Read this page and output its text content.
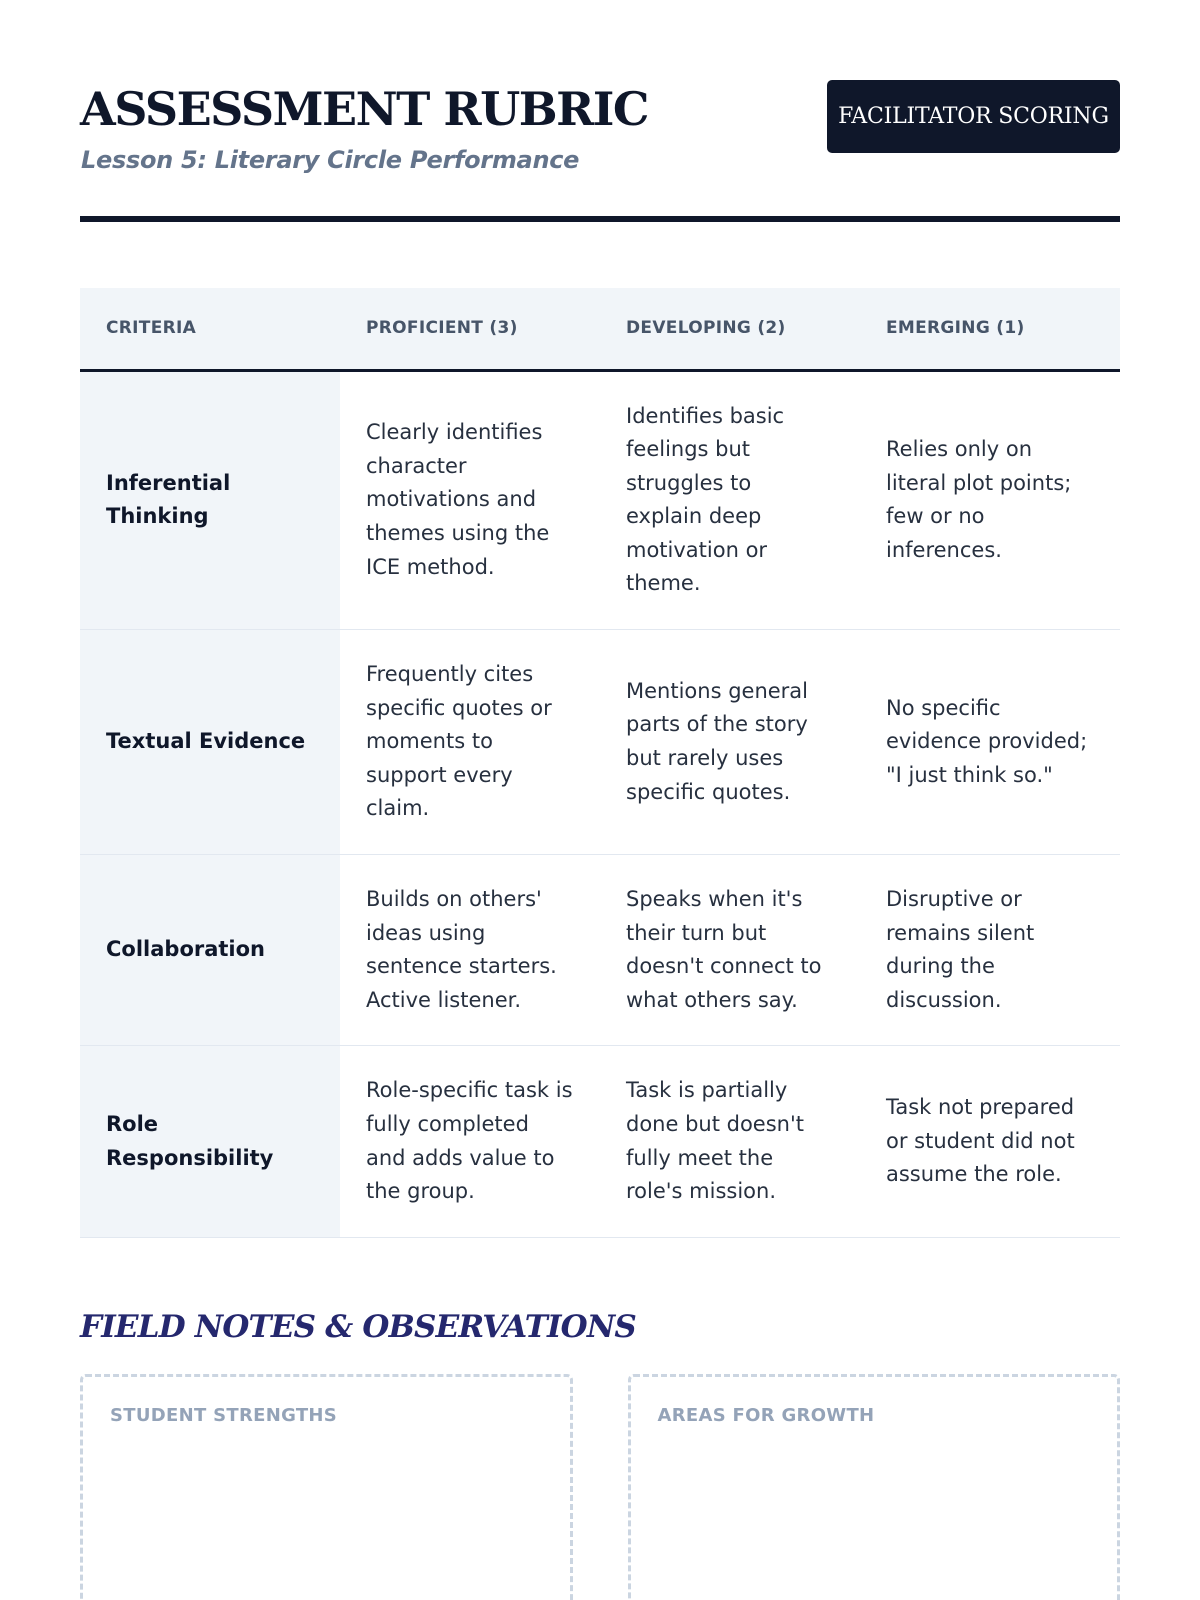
ASSESSMENT RUBRIC
Lesson 5: Literary Circle Performance
FACILITATOR SCORING
CRITERIA	PROFICIENT (3)	DEVELOPING (2)	EMERGING (1)
Inferential Thinking	Clearly identifies character motivations and themes using the ICE method.	Identifies basic feelings but struggles to explain deep motivation or theme.	Relies only on literal plot points; few or no inferences.
Textual Evidence	Frequently cites specific quotes or moments to support every claim.	Mentions general parts of the story but rarely uses specific quotes.	No specific evidence provided; "I just think so."
Collaboration	Builds on others' ideas using sentence starters. Active listener.	Speaks when it's their turn but doesn't connect to what others say.	Disruptive or remains silent during the discussion.
Role Responsibility	Role-specific task is fully completed and adds value to the group.	Task is partially done but doesn't fully meet the role's mission.	Task not prepared or student did not assume the role.
FIELD NOTES & OBSERVATIONS
STUDENT STRENGTHS	AREAS FOR GROWTH
